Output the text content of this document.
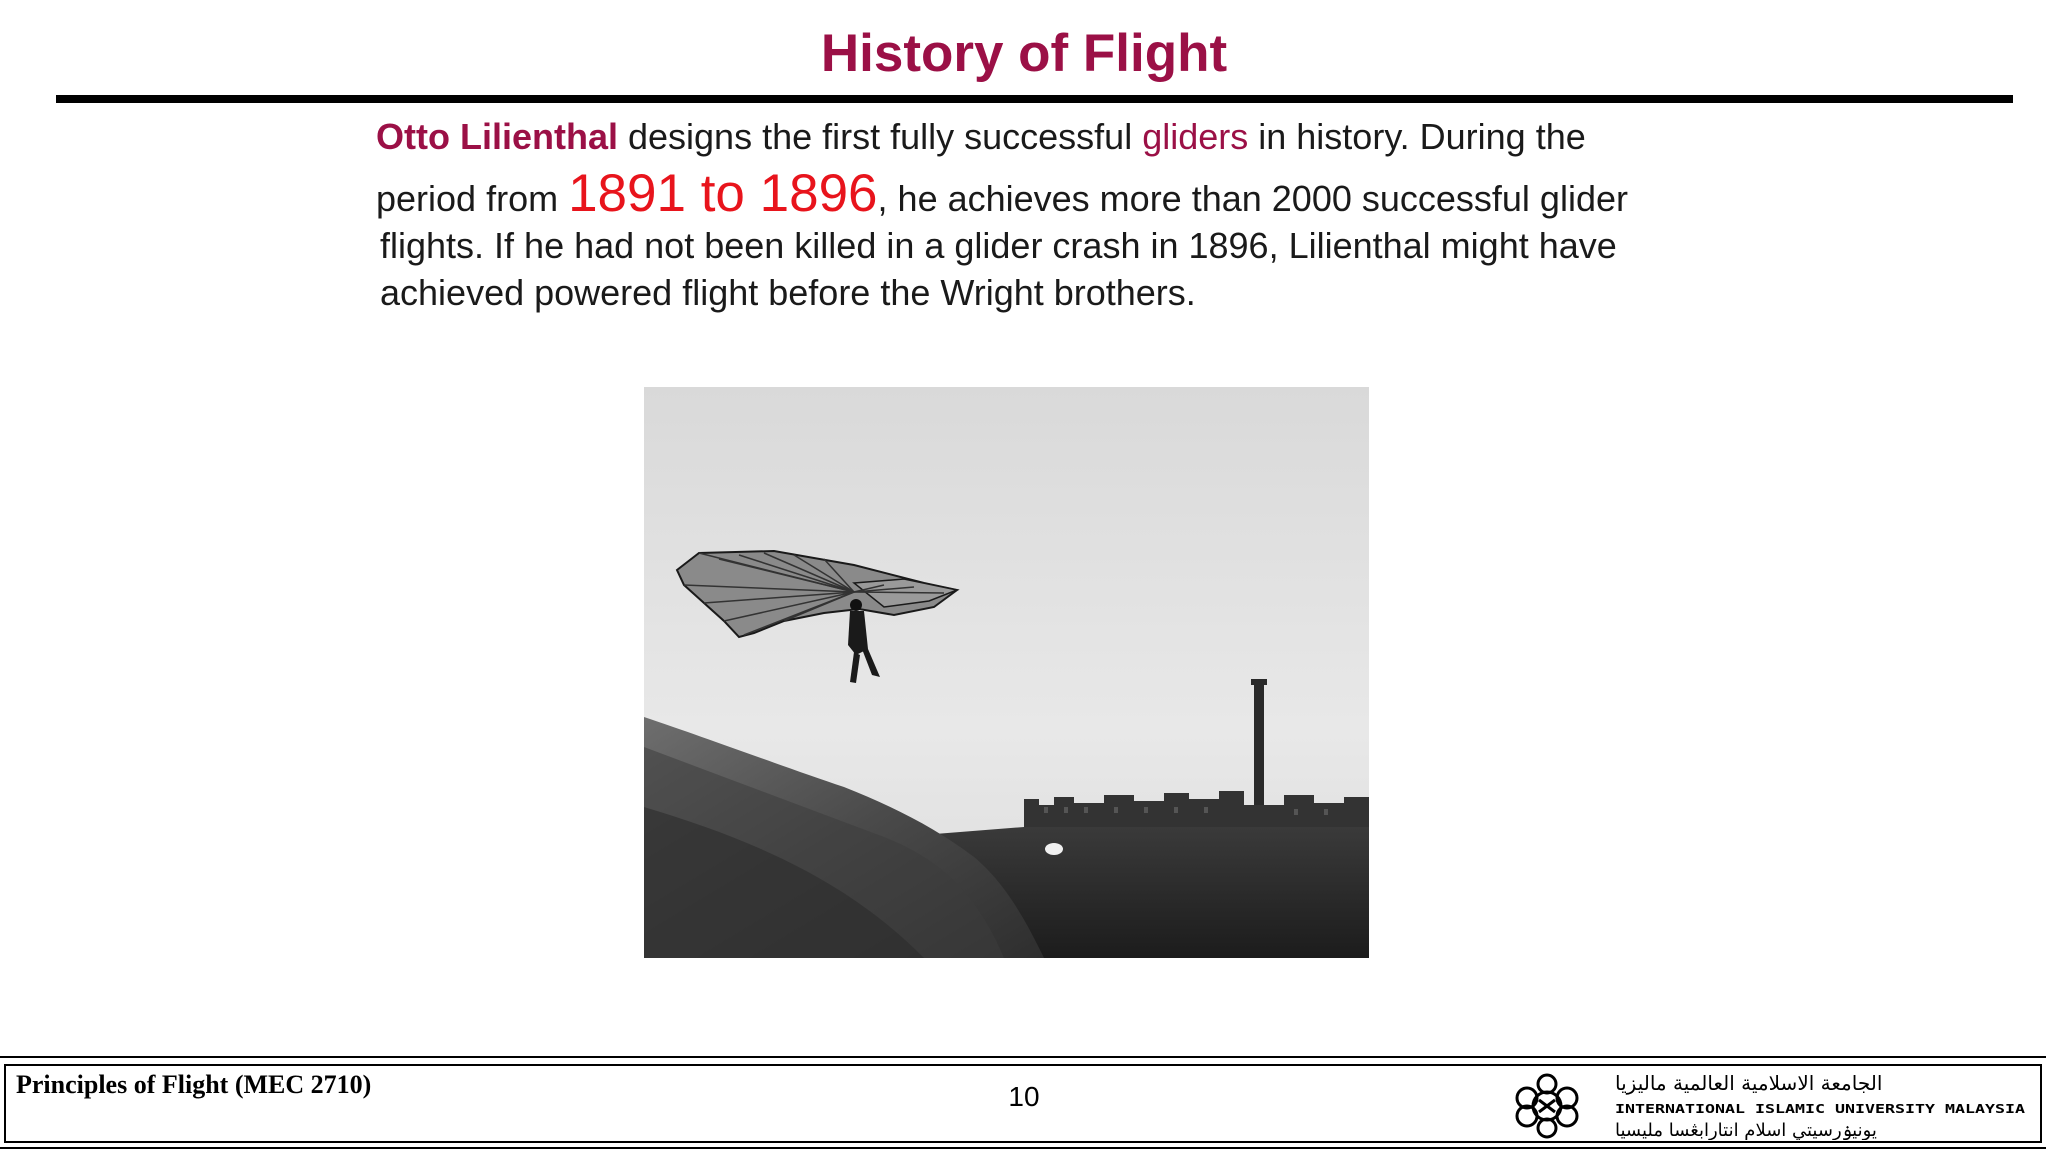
History of Flight
Otto Lilienthal designs the first fully successful gliders in history. During the
period from 1891 to 1896, he achieves more than 2000 successful glider
flights. If he had not been killed in a glider crash in 1896, Lilienthal might have
achieved powered flight before the Wright brothers.
Principles of Flight (MEC 2710)	10	الجامعة الاسلامية العالمية ماليزيا
INTERNATIONAL ISLAMIC UNIVERSITY MALAYSIA
يونيۏرسيتي اسلام انتارابڠسا مليسيا
